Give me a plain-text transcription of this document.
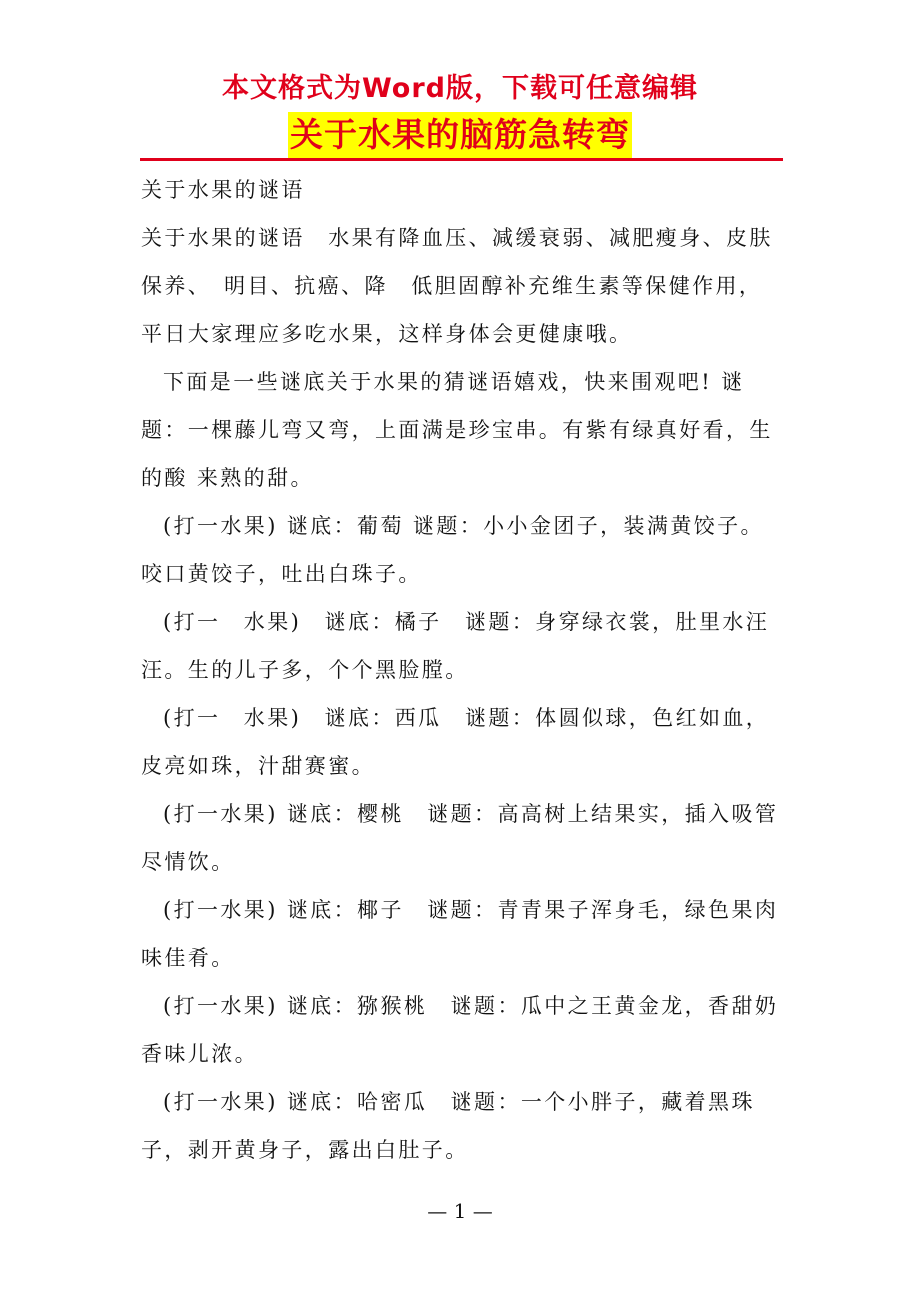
本文格式为Word版，下载可任意编辑
关于水果的脑筋急转弯

关于水果的谜语

关于水果的谜语　水果有降血压、减缓衰弱、减肥瘦身、皮肤保养、　明目、抗癌、降　低胆固醇补充维生素等保健作用，平日大家理应多吃水果，这样身体会更健康哦。

下面是一些谜底关于水果的猜谜语嬉戏，快来围观吧! 谜题：一棵藤儿弯又弯，上面满是珍宝串。有紫有绿真好看，生的酸 来熟的甜。

(打一水果) 谜底：葡萄 谜题：小小金团子，装满黄饺子。咬口黄饺子，吐出白珠子。

(打一　水果)　谜底：橘子　谜题：身穿绿衣裳，肚里水汪汪。生的儿子多，个个黑脸膛。

(打一　水果)　谜底：西瓜　谜题：体圆似球，色红如血，皮亮如珠，汁甜赛蜜。

(打一水果) 谜底：樱桃　谜题：高高树上结果实，插入吸管尽情饮。

(打一水果) 谜底：椰子　谜题：青青果子浑身毛，绿色果肉味佳肴。

(打一水果) 谜底：猕猴桃　谜题：瓜中之王黄金龙，香甜奶香味儿浓。

(打一水果) 谜底：哈密瓜　谜题：一个小胖子，藏着黑珠子，剥开黄身子，露出白肚子。

— 1 —
